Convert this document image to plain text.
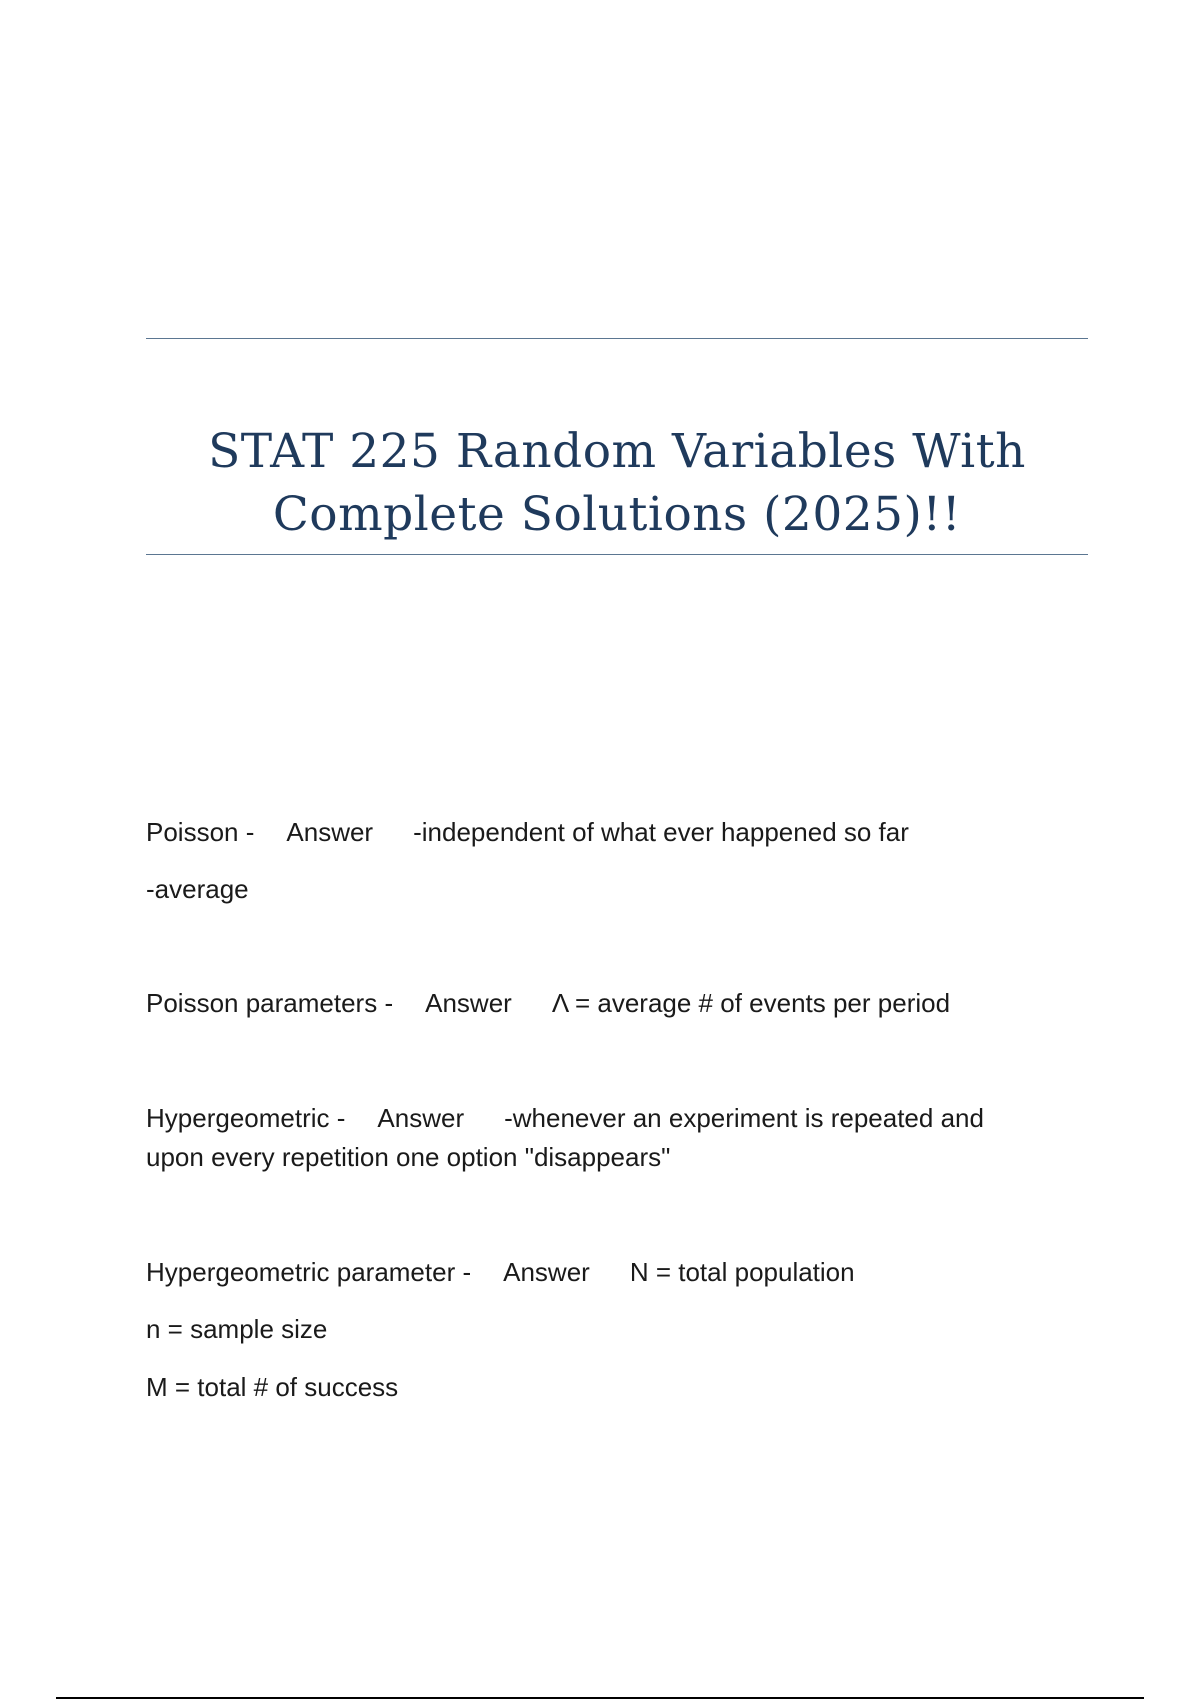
STAT 225 Random Variables With
Complete Solutions (2025)!!
Poisson - Answer -independent of what ever happened so far
-average
Poisson parameters - Answer Λ = average # of events per period
Hypergeometric - Answer -whenever an experiment is repeated and
upon every repetition one option "disappears"
Hypergeometric parameter - Answer N = total population
n = sample size
M = total # of success
